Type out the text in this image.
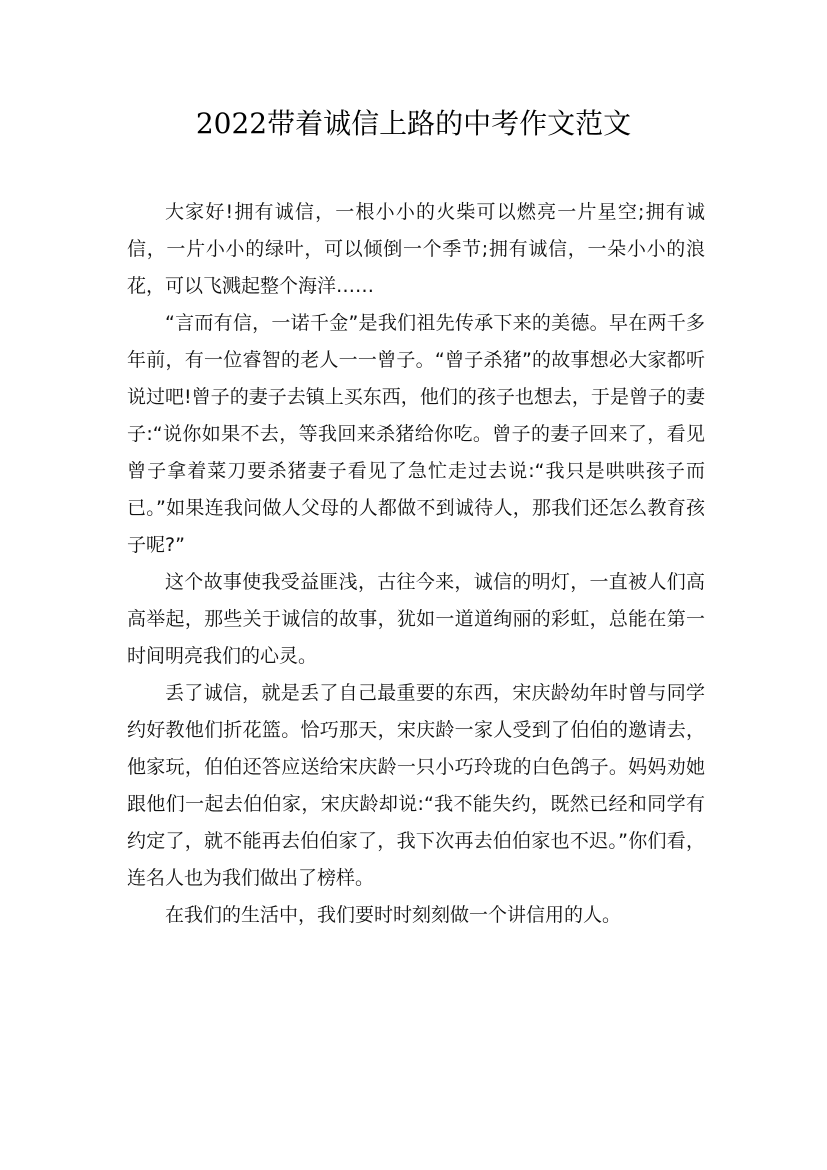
2022带着诚信上路的中考作文范文

大家好!拥有诚信，一根小小的火柴可以燃亮一片星空;拥有诚信，一片小小的绿叶，可以倾倒一个季节;拥有诚信，一朵小小的浪花，可以飞溅起整个海洋……

“言而有信，一诺千金”是我们祖先传承下来的美德。早在两千多年前，有一位睿智的老人一一曾子。“曾子杀猪”的故事想必大家都听说过吧!曾子的妻子去镇上买东西，他们的孩子也想去，于是曾子的妻子:“说你如果不去，等我回来杀猪给你吃。曾子的妻子回来了，看见曾子拿着菜刀要杀猪妻子看见了急忙走过去说:“我只是哄哄孩子而已。”如果连我问做人父母的人都做不到诚待人，那我们还怎么教育孩子呢?”

这个故事使我受益匪浅，古往今来，诚信的明灯，一直被人们高高举起，那些关于诚信的故事，犹如一道道绚丽的彩虹，总能在第一时间明亮我们的心灵。

丢了诚信，就是丢了自己最重要的东西，宋庆龄幼年时曾与同学约好教他们折花篮。恰巧那天，宋庆龄一家人受到了伯伯的邀请去，他家玩，伯伯还答应送给宋庆龄一只小巧玲珑的白色鸽子。妈妈劝她跟他们一起去伯伯家，宋庆龄却说:“我不能失约，既然已经和同学有约定了，就不能再去伯伯家了，我下次再去伯伯家也不迟。”你们看，连名人也为我们做出了榜样。

在我们的生活中，我们要时时刻刻做一个讲信用的人。
